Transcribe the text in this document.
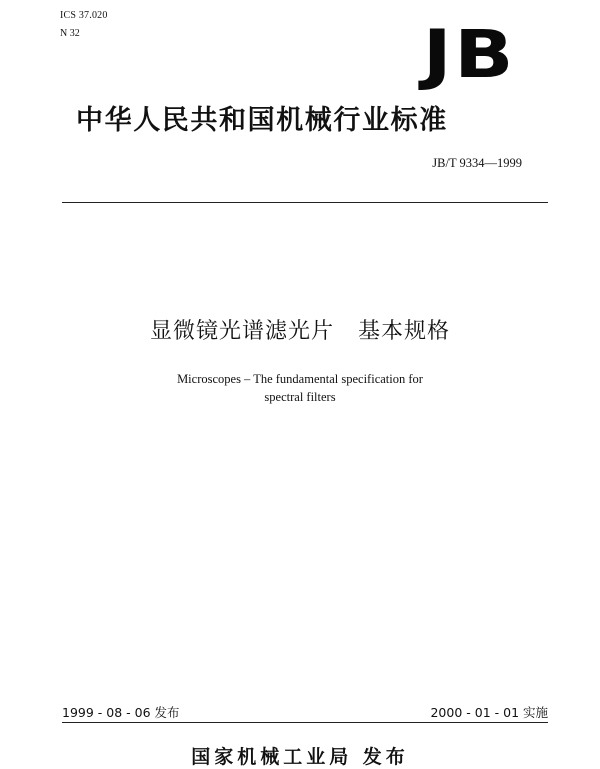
ICS 37.020
N 32	JB
中华人民共和国机械行业标准
JB/T 9334—1999
显微镜光谱滤光片   基本规格
Microscopes – The fundamental specification for
spectral filters
1999 - 08 - 06 发布	2000 - 01 - 01 实施
国家机械工业局 发布
